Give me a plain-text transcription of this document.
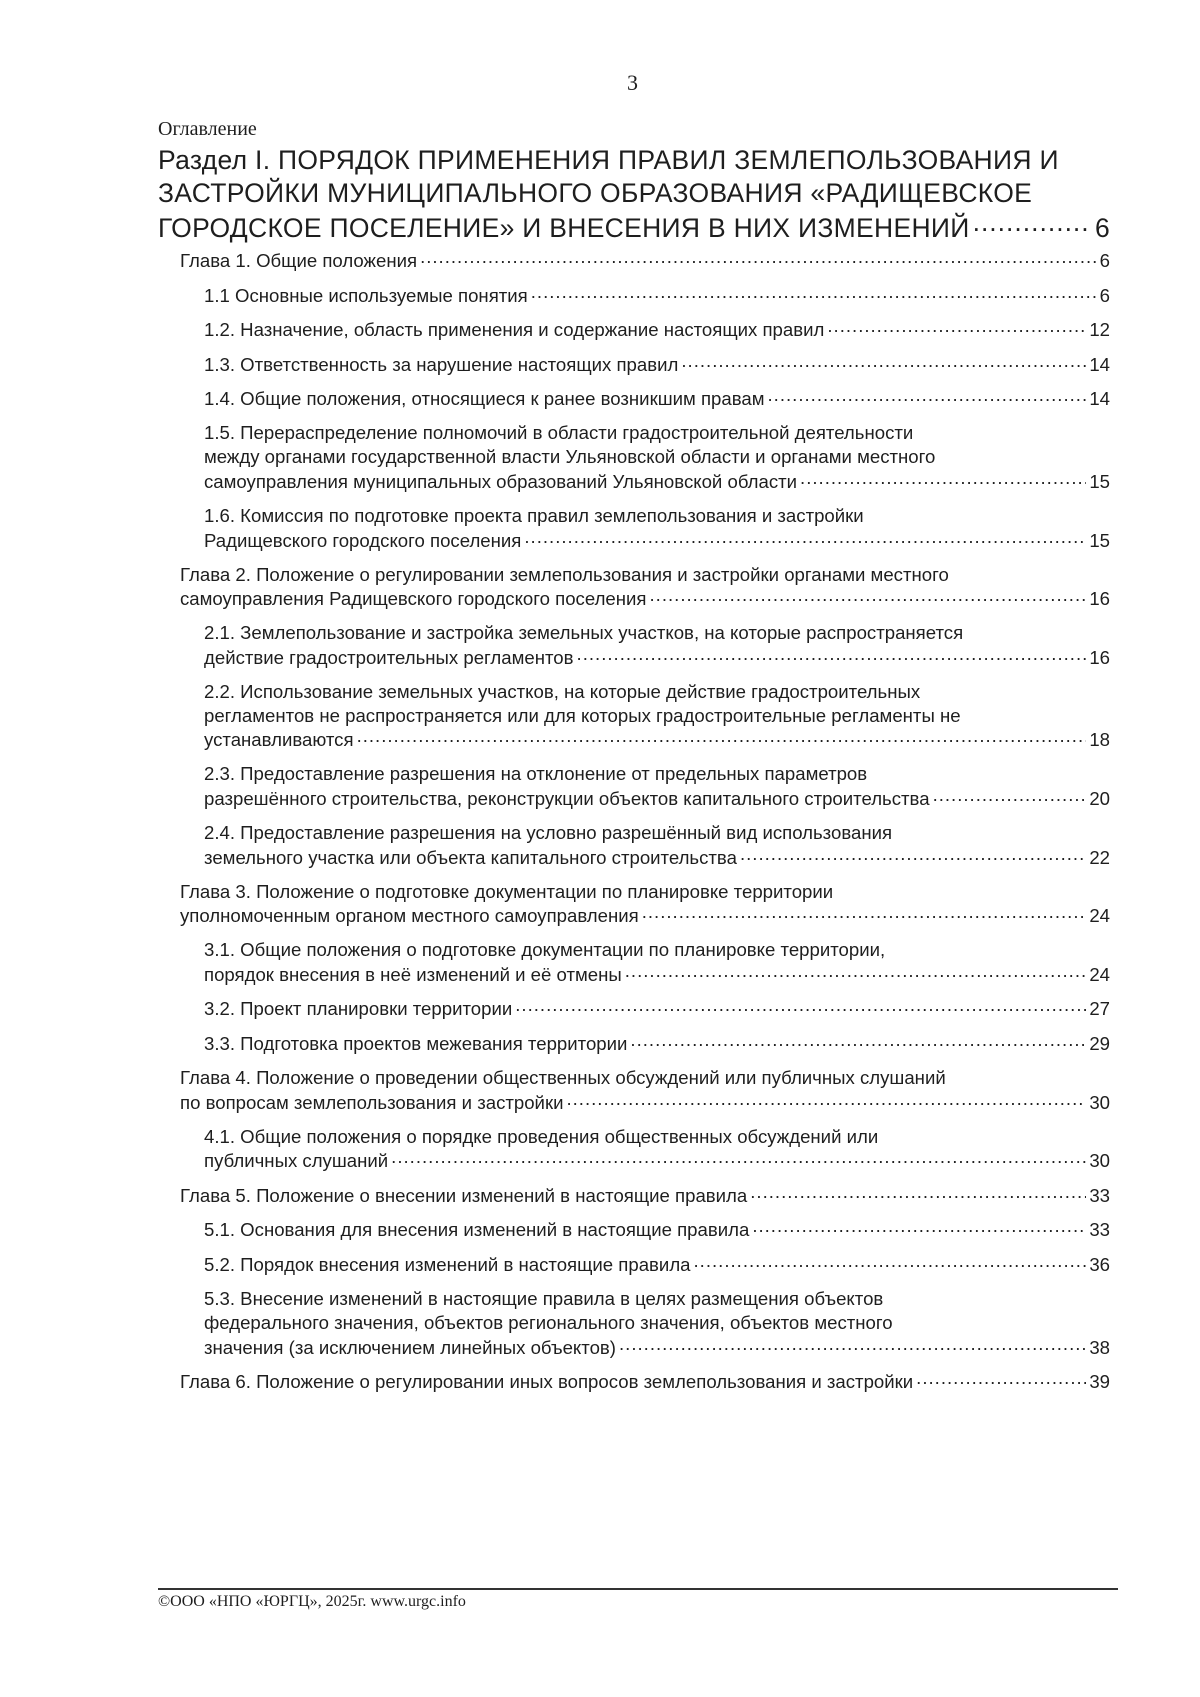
3
Оглавление
Раздел I. ПОРЯДОК ПРИМЕНЕНИЯ ПРАВИЛ ЗЕМЛЕПОЛЬЗОВАНИЯ И
ЗАСТРОЙКИ МУНИЦИПАЛЬНОГО ОБРАЗОВАНИЯ «РАДИЩЕВСКОЕ
ГОРОДСКОЕ ПОСЕЛЕНИЕ» И ВНЕСЕНИЯ В НИХ ИЗМЕНЕНИЙ .....	6
Глава 1. Общие положения .....	6
1.1 Основные используемые понятия .....	6
1.2. Назначение, область применения и содержание настоящих правил .....	12
1.3. Ответственность за нарушение настоящих правил .....	14
1.4. Общие положения, относящиеся к ранее возникшим правам .....	14
1.5. Перераспределение полномочий в области градостроительной деятельности
между органами государственной власти Ульяновской области и органами местного
самоуправления муниципальных образований Ульяновской области .....	15
1.6. Комиссия по подготовке проекта правил землепользования и застройки
Радищевского городского поселения .....	15
Глава 2. Положение о регулировании землепользования и застройки органами местного
самоуправления Радищевского городского поселения .....	16
2.1. Землепользование и застройка земельных участков, на которые распространяется
действие градостроительных регламентов .....	16
2.2. Использование земельных участков, на которые действие градостроительных
регламентов не распространяется или для которых градостроительные регламенты не
устанавливаются .....	18
2.3. Предоставление разрешения на отклонение от предельных параметров
разрешённого строительства, реконструкции объектов капитального строительства .....	20
2.4. Предоставление разрешения на условно разрешённый вид использования
земельного участка или объекта капитального строительства .....	22
Глава 3. Положение о подготовке документации по планировке территории
уполномоченным органом местного самоуправления .....	24
3.1. Общие положения о подготовке документации по планировке территории,
порядок внесения в неё изменений и её отмены .....	24
3.2. Проект планировки территории .....	27
3.3. Подготовка проектов межевания территории .....	29
Глава 4. Положение о проведении общественных обсуждений или публичных слушаний
по вопросам землепользования и застройки .....	30
4.1. Общие положения о порядке проведения общественных обсуждений или
публичных слушаний .....	30
Глава 5. Положение о внесении изменений в настоящие правила .....	33
5.1. Основания для внесения изменений в настоящие правила .....	33
5.2. Порядок внесения изменений в настоящие правила .....	36
5.3. Внесение изменений в настоящие правила в целях размещения объектов
федерального значения, объектов регионального значения, объектов местного
значения (за исключением линейных объектов) .....	38
Глава 6. Положение о регулировании иных вопросов землепользования и застройки .....	39
©ООО «НПО «ЮРГЦ», 2025г. www.urgc.info
